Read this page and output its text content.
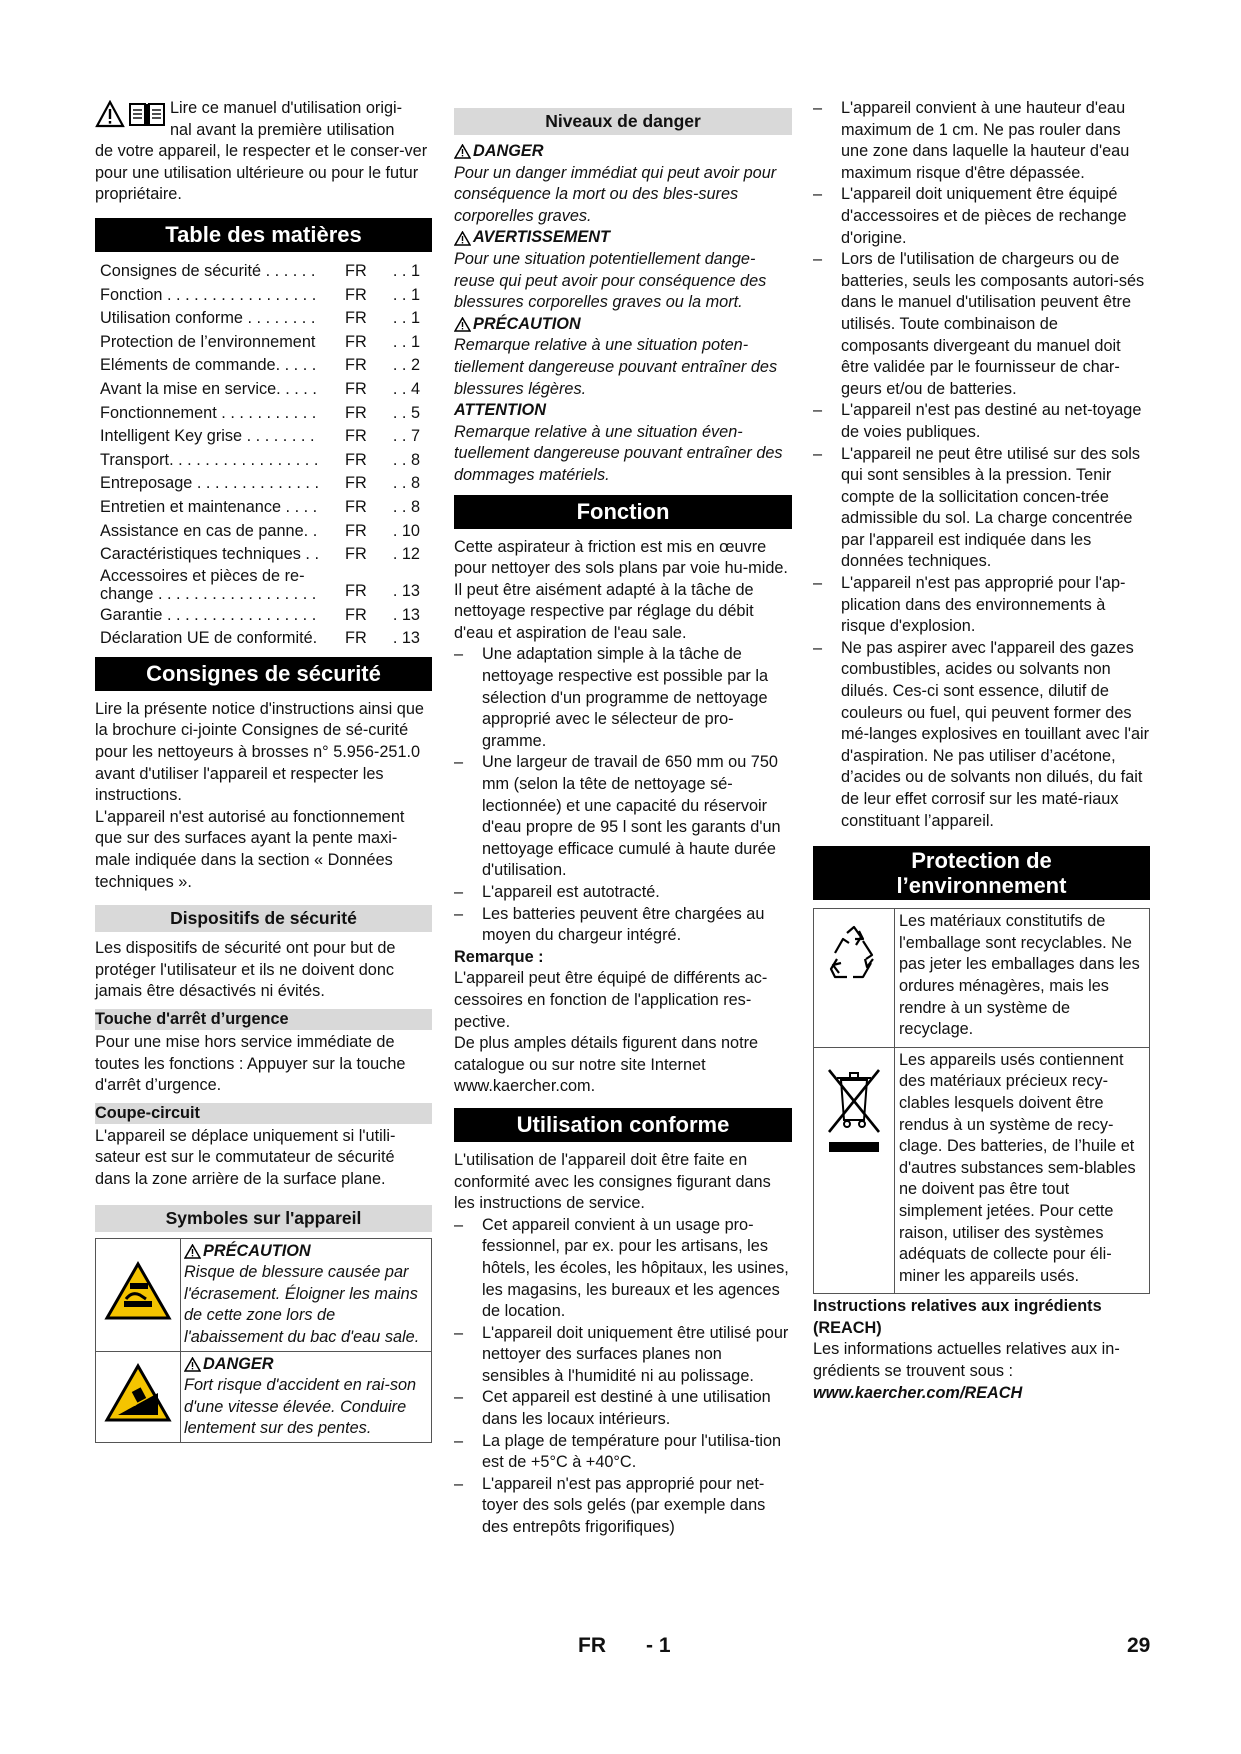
Lire ce manuel d'utilisation origi-

nal avant la première utilisation

de votre appareil, le respecter et le conser-ver pour une utilisation ultérieure ou pour le futur propriétaire.

Table des matières
Consignes de sécurité . . . . . .	FR	. . 1
Fonction . . . . . . . . . . . . . . . . .	FR	. . 1
Utilisation conforme . . . . . . . .	FR	. . 1
Protection de l’environnement	FR	. . 1
Eléments de commande. . . . .	FR	. . 2
Avant la mise en service. . . . .	FR	. . 4
Fonctionnement . . . . . . . . . . .	FR	. . 5
Intelligent Key grise . . . . . . . .	FR	. . 7
Transport. . . . . . . . . . . . . . . . .	FR	. . 8
Entreposage . . . . . . . . . . . . . .	FR	. . 8
Entretien et maintenance . . . .	FR	. . 8
Assistance en cas de panne. .	FR	. 10
Caractéristiques techniques . .	FR	. 12
Accessoires et pièces de re-change . . . . . . . . . . . . . . . . . .	FR	. 13
Garantie . . . . . . . . . . . . . . . . .	FR	. 13
Déclaration UE de conformité.	FR	. 13
Consignes de sécurité

Lire la présente notice d'instructions ainsi que la brochure ci-jointe Consignes de sé-curité pour les nettoyeurs à brosses n° 5.956-251.0 avant d'utiliser l'appareil et respecter les instructions.

L'appareil n'est autorisé au fonctionnement que sur des surfaces ayant la pente maxi-male indiquée dans la section « Données techniques ».

Dispositifs de sécurité

Les dispositifs de sécurité ont pour but de protéger l'utilisateur et ils ne doivent donc jamais être désactivés ni évités.

Touche d'arrêt d’urgence

Pour une mise hors service immédiate de toutes les fonctions : Appuyer sur la touche d'arrêt d’urgence.

Coupe-circuit

L'appareil se déplace uniquement si l'utili-sateur est sur le commutateur de sécurité dans la zone arrière de la surface plane.

Symboles sur l'appareil

PRÉCAUTION

Risque de blessure causée par l'écrasement. Éloigner les mains de cette zone lors de l'abaissement du bac d'eau sale.

DANGER

Fort risque d'accident en rai-son d'une vitesse élevée. Conduire lentement sur des pentes.

Niveaux de danger
DANGER

Pour un danger immédiat qui peut avoir pour conséquence la mort ou des bles-sures corporelles graves.

AVERTISSEMENT

Pour une situation potentiellement dange-reuse qui peut avoir pour conséquence des blessures corporelles graves ou la mort.

PRÉCAUTION

Remarque relative à une situation poten-tiellement dangereuse pouvant entraîner des blessures légères.

ATTENTION

Remarque relative à une situation éven-tuellement dangereuse pouvant entraîner des dommages matériels.

Fonction

Cette aspirateur à friction est mis en œuvre pour nettoyer des sols plans par voie hu-mide.

Il peut être aisément adapté à la tâche de nettoyage respective par réglage du débit d'eau et aspiration de l'eau sale.

– Une adaptation simple à la tâche de nettoyage respective est possible par la sélection d'un programme de nettoyage approprié avec le sélecteur de pro-gramme.
– Une largeur de travail de 650 mm ou 750 mm (selon la tête de nettoyage sé-lectionnée) et une capacité du réservoir d'eau propre de 95 l sont les garants d'un nettoyage efficace cumulé à haute durée d'utilisation.
– L'appareil est autotracté.
– Les batteries peuvent être chargées au moyen du chargeur intégré.

Remarque :

L'appareil peut être équipé de différents ac-cessoires en fonction de l'application res-pective.

De plus amples détails figurent dans notre catalogue ou sur notre site Internet www.kaercher.com.

Utilisation conforme

L'utilisation de l'appareil doit être faite en conformité avec les consignes figurant dans les instructions de service.

– Cet appareil convient à un usage pro-fessionnel, par ex. pour les artisans, les hôtels, les écoles, les hôpitaux, les usines, les magasins, les bureaux et les agences de location.
– L'appareil doit uniquement être utilisé pour nettoyer des surfaces planes non sensibles à l'humidité ni au polissage.
– Cet appareil est destiné à une utilisation dans les locaux intérieurs.
– La plage de température pour l'utilisa-tion est de +5°C à +40°C.
– L'appareil n'est pas approprié pour net-toyer des sols gelés (par exemple dans des entrepôts frigorifiques)
– L'appareil convient à une hauteur d'eau maximum de 1 cm. Ne pas rouler dans une zone dans laquelle la hauteur d'eau maximum risque d'être dépassée.
– L'appareil doit uniquement être équipé d'accessoires et de pièces de rechange d'origine.
– Lors de l'utilisation de chargeurs ou de batteries, seuls les composants autori-sés dans le manuel d'utilisation peuvent être utilisés. Toute combinaison de composants divergeant du manuel doit être validée par le fournisseur de char-geurs et/ou de batteries.
– L'appareil n'est pas destiné au net-toyage de voies publiques.
– L'appareil ne peut être utilisé sur des sols qui sont sensibles à la pression. Tenir compte de la sollicitation concen-trée admissible du sol. La charge concentrée par l'appareil est indiquée dans les données techniques.
– L'appareil n'est pas approprié pour l'ap-plication dans des environnements à risque d'explosion.
– Ne pas aspirer avec l'appareil des gazes combustibles, acides ou solvants non dilués. Ces-ci sont essence, dilutif de couleurs ou fuel, qui peuvent former des mé-langes explosives en touillant avec l'air d'aspiration. Ne pas utiliser d’acétone, d’acides ou de solvants non dilués, du fait de leur effet corrosif sur les maté-riaux constituant l’appareil.
Protection de
l’environnement
	Les matériaux constitutifs de l'emballage sont recyclables. Ne pas jeter les emballages dans les ordures ménagères, mais les rendre à un système de recyclage.
	Les appareils usés contiennent des matériaux précieux recy-clables lesquels doivent être rendus à un système de recy-clage. Des batteries, de l’huile et d'autres substances sem-blables ne doivent pas être tout simplement jetées. Pour cette raison, utiliser des systèmes adéquats de collecte pour éli-miner les appareils usés.

Instructions relatives aux ingrédients (REACH)

Les informations actuelles relatives aux in-grédients se trouvent sous :

www.kaercher.com/REACH

FR - 1	29
